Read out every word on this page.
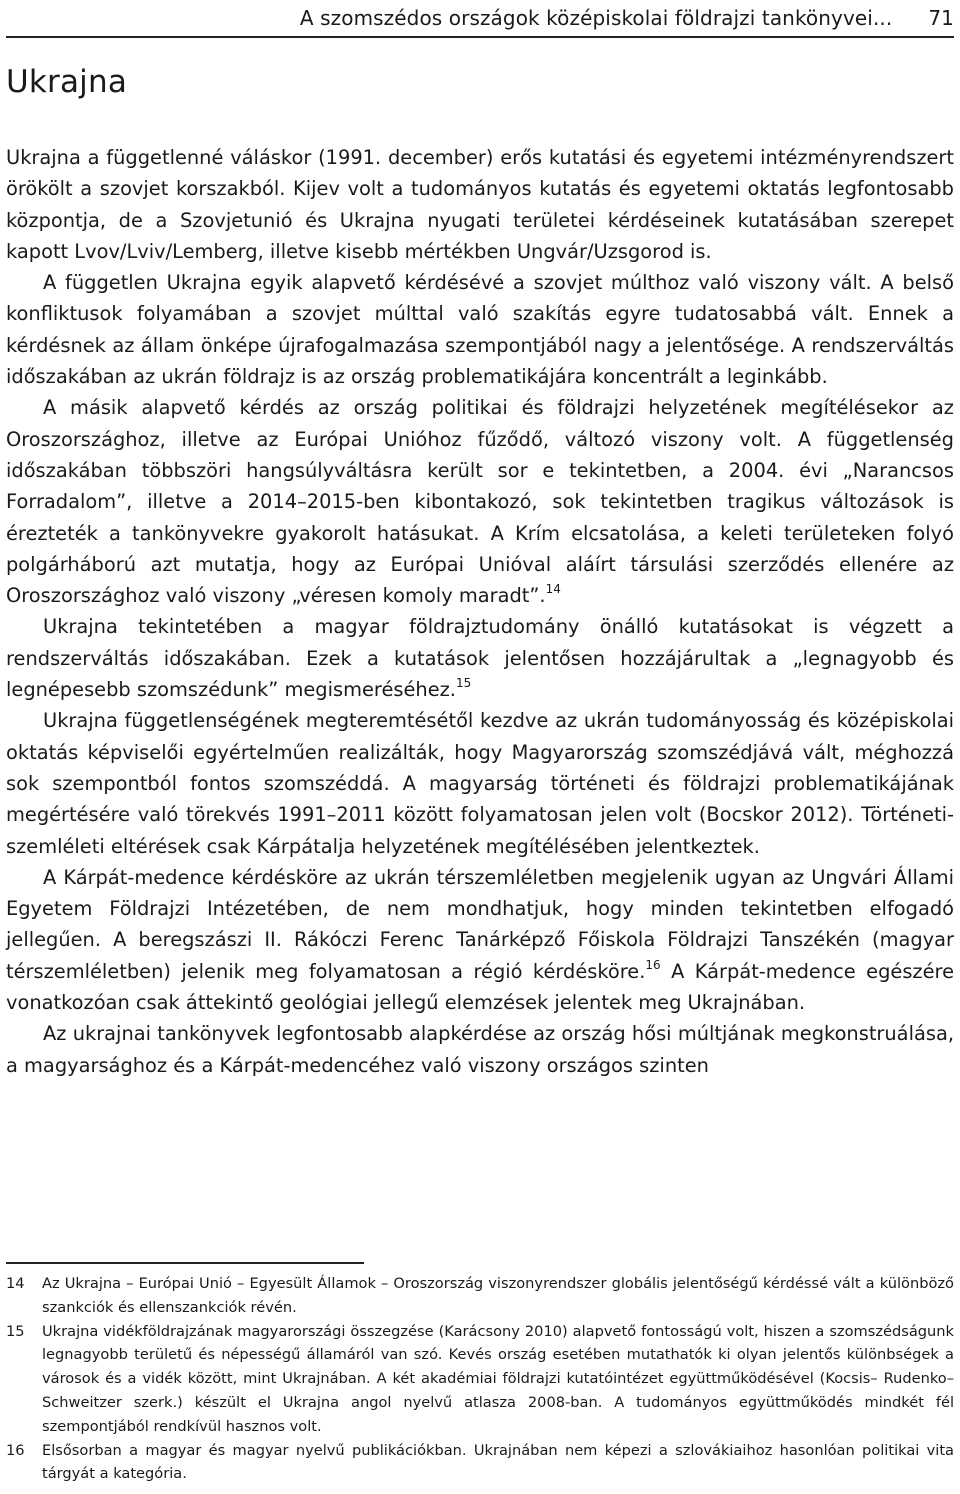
A szomszédos országok középiskolai földrajzi tankönyvei... 71
Ukrajna

Ukrajna a függetlenné váláskor (1991. december) erős kutatási és egyetemi intézményrendszert örökölt a szovjet korszakból. Kijev volt a tudományos kutatás és egyetemi oktatás legfontosabb központja, de a Szovjetunió és Ukrajna nyugati területei kérdéseinek kutatásában szerepet kapott Lvov/Lviv/Lemberg, illetve kisebb mértékben Ungvár/Uzsgorod is.

A független Ukrajna egyik alapvető kérdésévé a szovjet múlthoz való viszony vált. A belső konfliktusok folyamában a szovjet múlttal való szakítás egyre tudatosabbá vált. Ennek a kérdésnek az állam önképe újrafogalmazása szempontjából nagy a jelentősége. A rendszerváltás időszakában az ukrán földrajz is az ország problematikájára koncentrált a leginkább.

A másik alapvető kérdés az ország politikai és földrajzi helyzetének megítélésekor az Oroszországhoz, illetve az Európai Unióhoz fűződő, változó viszony volt. A függetlenség időszakában többszöri hangsúlyváltásra került sor e tekintetben, a 2004. évi „Narancsos Forradalom”, illetve a 2014–2015-ben kibontakozó, sok tekintetben tragikus változások is érezteték a tankönyvekre gyakorolt hatásukat. A Krím elcsatolása, a keleti területeken folyó polgárháború azt mutatja, hogy az Európai Unióval aláírt társulási szerződés ellenére az Oroszországhoz való viszony „véresen komoly maradt”.$^{14}$

Ukrajna tekintetében a magyar földrajztudomány önálló kutatásokat is végzett a rendszerváltás időszakában. Ezek a kutatások jelentősen hozzájárultak a „legnagyobb és legnépesebb szomszédunk” megismeréséhez.$^{15}$

Ukrajna függetlenségének megteremtésétől kezdve az ukrán tudományosság és középiskolai oktatás képviselői egyértelműen realizálták, hogy Magyarország szomszédjává vált, méghozzá sok szempontból fontos szomszéddá. A magyarság történeti és földrajzi problematikájának megértésére való törekvés 1991–2011 között folyamatosan jelen volt (Bocskor 2012). Történeti-szemléleti eltérések csak Kárpátalja helyzetének megítélésében jelentkeztek.

A Kárpát-medence kérdésköre az ukrán térszemléletben megjelenik ugyan az Ungvári Állami Egyetem Földrajzi Intézetében, de nem mondhatjuk, hogy minden tekintetben elfogadó jellegűen. A beregszászi II. Rákóczi Ferenc Tanárképző Főiskola Földrajzi Tanszékén (magyar térszemléletben) jelenik meg folyamatosan a régió kérdésköre.$^{16}$ A Kárpát-medence egészére vonatkozóan csak áttekintő geológiai jellegű elemzések jelentek meg Ukrajnában.

Az ukrajnai tankönyvek legfontosabb alapkérdése az ország hősi múltjának megkonstruálása, a magyarsághoz és a Kárpát-medencéhez való viszony országos szinten

14	Az Ukrajna – Európai Unió – Egyesült Államok – Oroszország viszonyrendszer globális jelentőségű kérdéssé vált a különböző szankciók és ellenszankciók révén.
15	Ukrajna vidékföldrajzának magyarországi összegzése (Karácsony 2010) alapvető fontosságú volt, hiszen a szomszédságunk legnagyobb területű és népességű államáról van szó. Kevés ország esetében mutathatók ki olyan jelentős különbségek a városok és a vidék között, mint Ukrajnában. A két akadémiai földrajzi kutatóintézet együttműködésével (Kocsis– Rudenko–Schweitzer szerk.) készült el Ukrajna angol nyelvű atlasza 2008-ban. A tudományos együttműködés mindkét fél szempontjából rendkívül hasznos volt.
16	Elsősorban a magyar és magyar nyelvű publikációkban. Ukrajnában nem képezi a szlovákiaihoz hasonlóan politikai vita tárgyát a kategória.
